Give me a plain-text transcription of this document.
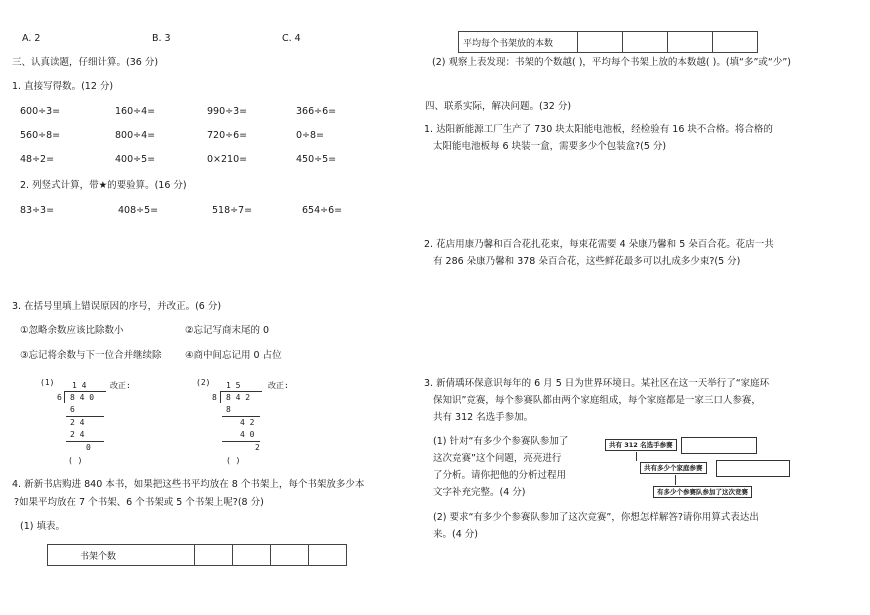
A. 2	B. 3	C. 4
三、认真读题，仔细计算。(36 分)
1. 直接写得数。(12 分)
600÷3=	160÷4=	990÷3=	366÷6=
560÷8=	800÷4=	720÷6=	0÷8=
48÷2=	400÷5=	0×210=	450÷5=
2. 列竖式计算，带★的要验算。(16 分)
83÷3=	408÷5=	518÷7=	654÷6=
3. 在括号里填上错误原因的序号，并改正。(6 分)
①忽略余数应该比除数小	②忘记写商末尾的 0
③忘记将余数与下一位合并继续除 ④商中间忘记用 0 占位
(1) 1 4
6 8 4 0
6
2 4
2 4
0
( )
改正:	(2) 1 5
8 8 4 2
8
4 2
4 0
2
( )
改正:
4. 新新书店购进 840 本书，如果把这些书平均放在 8 个书架上，每个书架放多少本
?如果平均放在 7 个书架、6 个书架或 5 个书架上呢?(8 分)
(1) 填表。
书架个数				
平均每个书架放的本数				
(2) 观察上表发现：书架的个数越( )，平均每个书架上放的本数越( )。(填“多”或“少”)
四、联系实际，解决问题。(32 分)
1. 达阳新能源工厂生产了 730 块太阳能电池板，经检验有 16 块不合格。将合格的
太阳能电池板每 6 块装一盒，需要多少个包装盒?(5 分)
2. 花店用康乃馨和百合花扎花束，每束花需要 4 朵康乃馨和 5 朵百合花。花店一共
有 286 朵康乃馨和 378 朵百合花，这些鲜花最多可以扎成多少束?(5 分)
3. 新倩瑀环保意识每年的 6 月 5 日为世界环境日。某社区在这一天举行了“家庭环
保知识”竞赛，每个参赛队都由两个家庭组成，每个家庭都是一家三口人参赛，
共有 312 名选手参加。
(1) 针对“有多少个参赛队参加了
这次竞赛”这个问题，亮亮进行
了分析。请你把他的分析过程用
文字补充完整。(4 分)
共有 312 名选手参赛
共有多少个家庭参赛
有多少个参赛队参加了这次竞赛
(2) 要求“有多少个参赛队参加了这次竞赛”，你想怎样解答?请你用算式表达出
来。(4 分)
